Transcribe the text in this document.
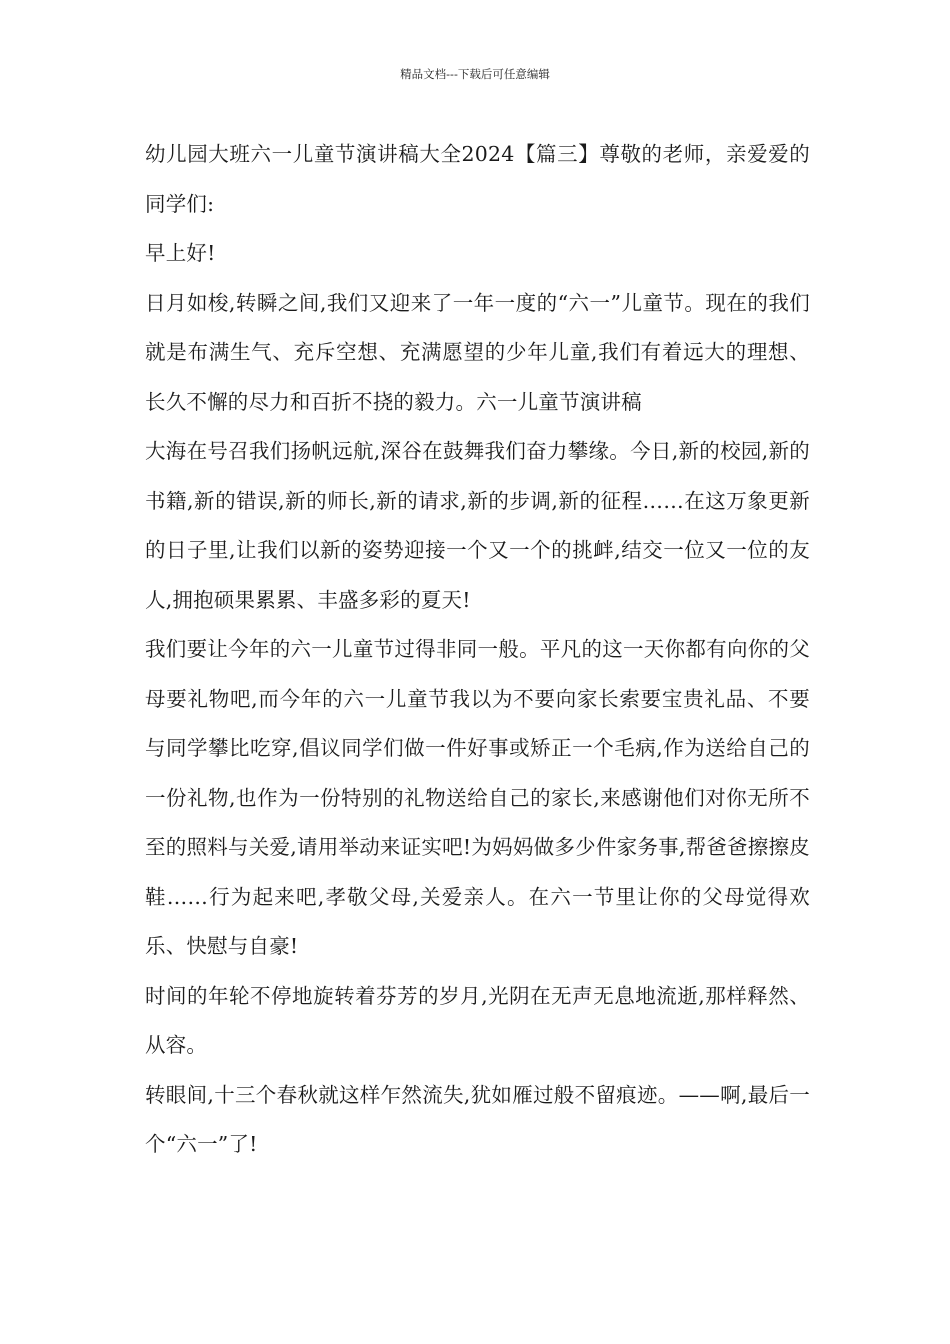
精品文档---下载后可任意编辑

幼儿园大班六一儿童节演讲稿大全2024【篇三】尊敬的老师，亲爱爱的同学们:

早上好!

日月如梭,转瞬之间,我们又迎来了一年一度的“六一”儿童节。现在的我们就是布满生气、充斥空想、充满愿望的少年儿童,我们有着远大的理想、长久不懈的尽力和百折不挠的毅力。六一儿童节演讲稿

大海在号召我们扬帆远航,深谷在鼓舞我们奋力攀缘。今日,新的校园,新的书籍,新的错误,新的师长,新的请求,新的步调,新的征程……在这万象更新的日子里,让我们以新的姿势迎接一个又一个的挑衅,结交一位又一位的友人,拥抱硕果累累、丰盛多彩的夏天!

我们要让今年的六一儿童节过得非同一般。平凡的这一天你都有向你的父母要礼物吧,而今年的六一儿童节我以为不要向家长索要宝贵礼品、不要与同学攀比吃穿,倡议同学们做一件好事或矫正一个毛病,作为送给自己的一份礼物,也作为一份特别的礼物送给自己的家长,来感谢他们对你无所不至的照料与关爱,请用举动来证实吧!为妈妈做多少件家务事,帮爸爸擦擦皮鞋……行为起来吧,孝敬父母,关爱亲人。在六一节里让你的父母觉得欢乐、快慰与自豪!

时间的年轮不停地旋转着芬芳的岁月,光阴在无声无息地流逝,那样释然、从容。

转眼间,十三个春秋就这样乍然流失,犹如雁过般不留痕迹。——啊,最后一个“六一”了!
